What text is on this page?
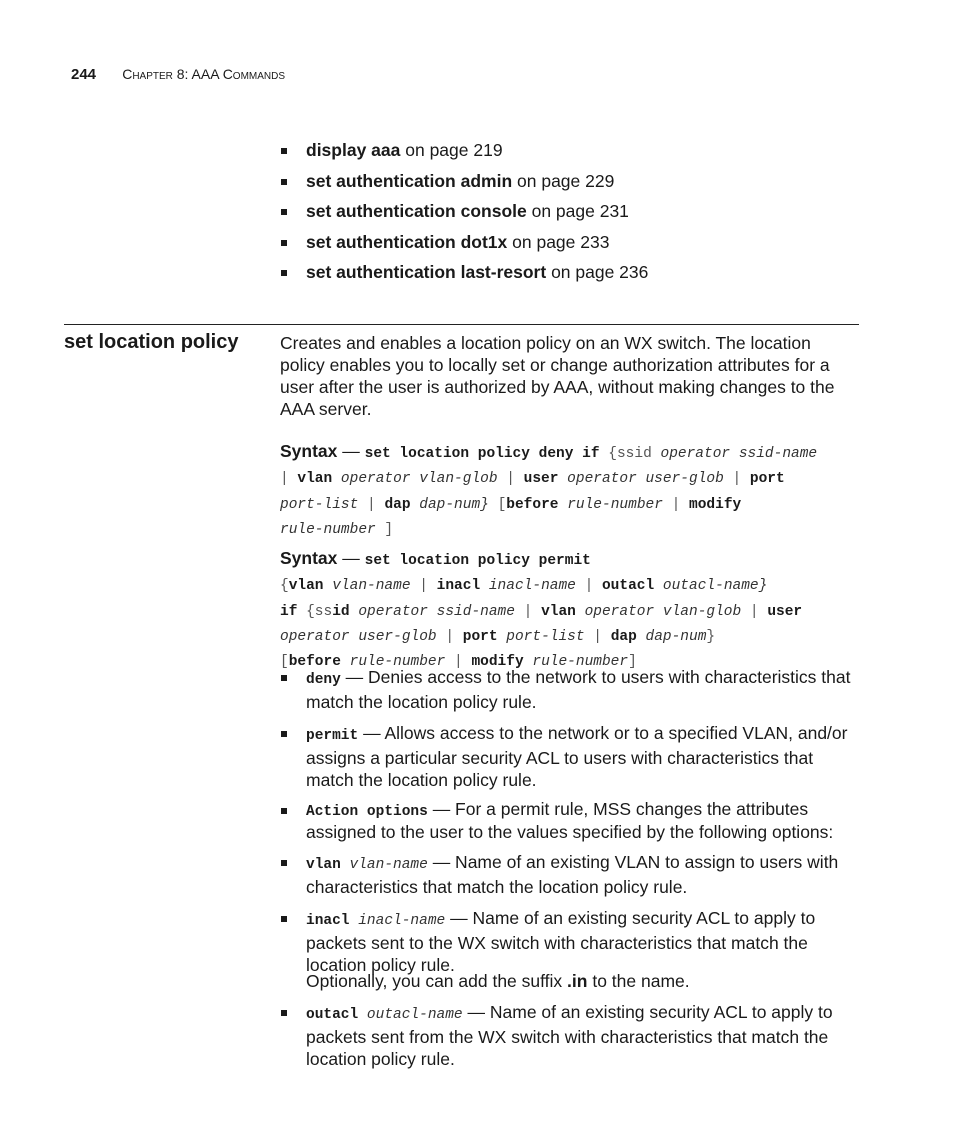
244 Chapter 8: AAA Commands
display aaa on page 219
set authentication admin on page 229
set authentication console on page 231
set authentication dot1x on page 233
set authentication last-resort on page 236
set location policy Creates and enables a location policy on an WX switch. The location policy enables you to locally set or change authorization attributes for a user after the user is authorized by AAA, without making changes to the AAA server.
Syntax — set location policy deny if {ssid operator ssid-name
| vlan operator vlan-glob | user operator user-glob | port
port-list | dap dap-num} [before rule-number | modify
rule-number ]
Syntax — set location policy permit
{vlan vlan-name | inacl inacl-name | outacl outacl-name}
if {ssid operator ssid-name | vlan operator vlan-glob | user
operator user-glob | port port-list | dap dap-num}
[before rule-number | modify rule-number]
deny — Denies access to the network to users with characteristics that match the location policy rule.
permit — Allows access to the network or to a specified VLAN, and/or assigns a particular security ACL to users with characteristics that match the location policy rule.
Action options — For a permit rule, MSS changes the attributes assigned to the user to the values specified by the following options:
vlan vlan-name — Name of an existing VLAN to assign to users with characteristics that match the location policy rule.
inacl inacl-name — Name of an existing security ACL to apply to packets sent to the WX switch with characteristics that match the location policy rule.
Optionally, you can add the suffix .in to the name.
outacl outacl-name — Name of an existing security ACL to apply to packets sent from the WX switch with characteristics that match the location policy rule.
